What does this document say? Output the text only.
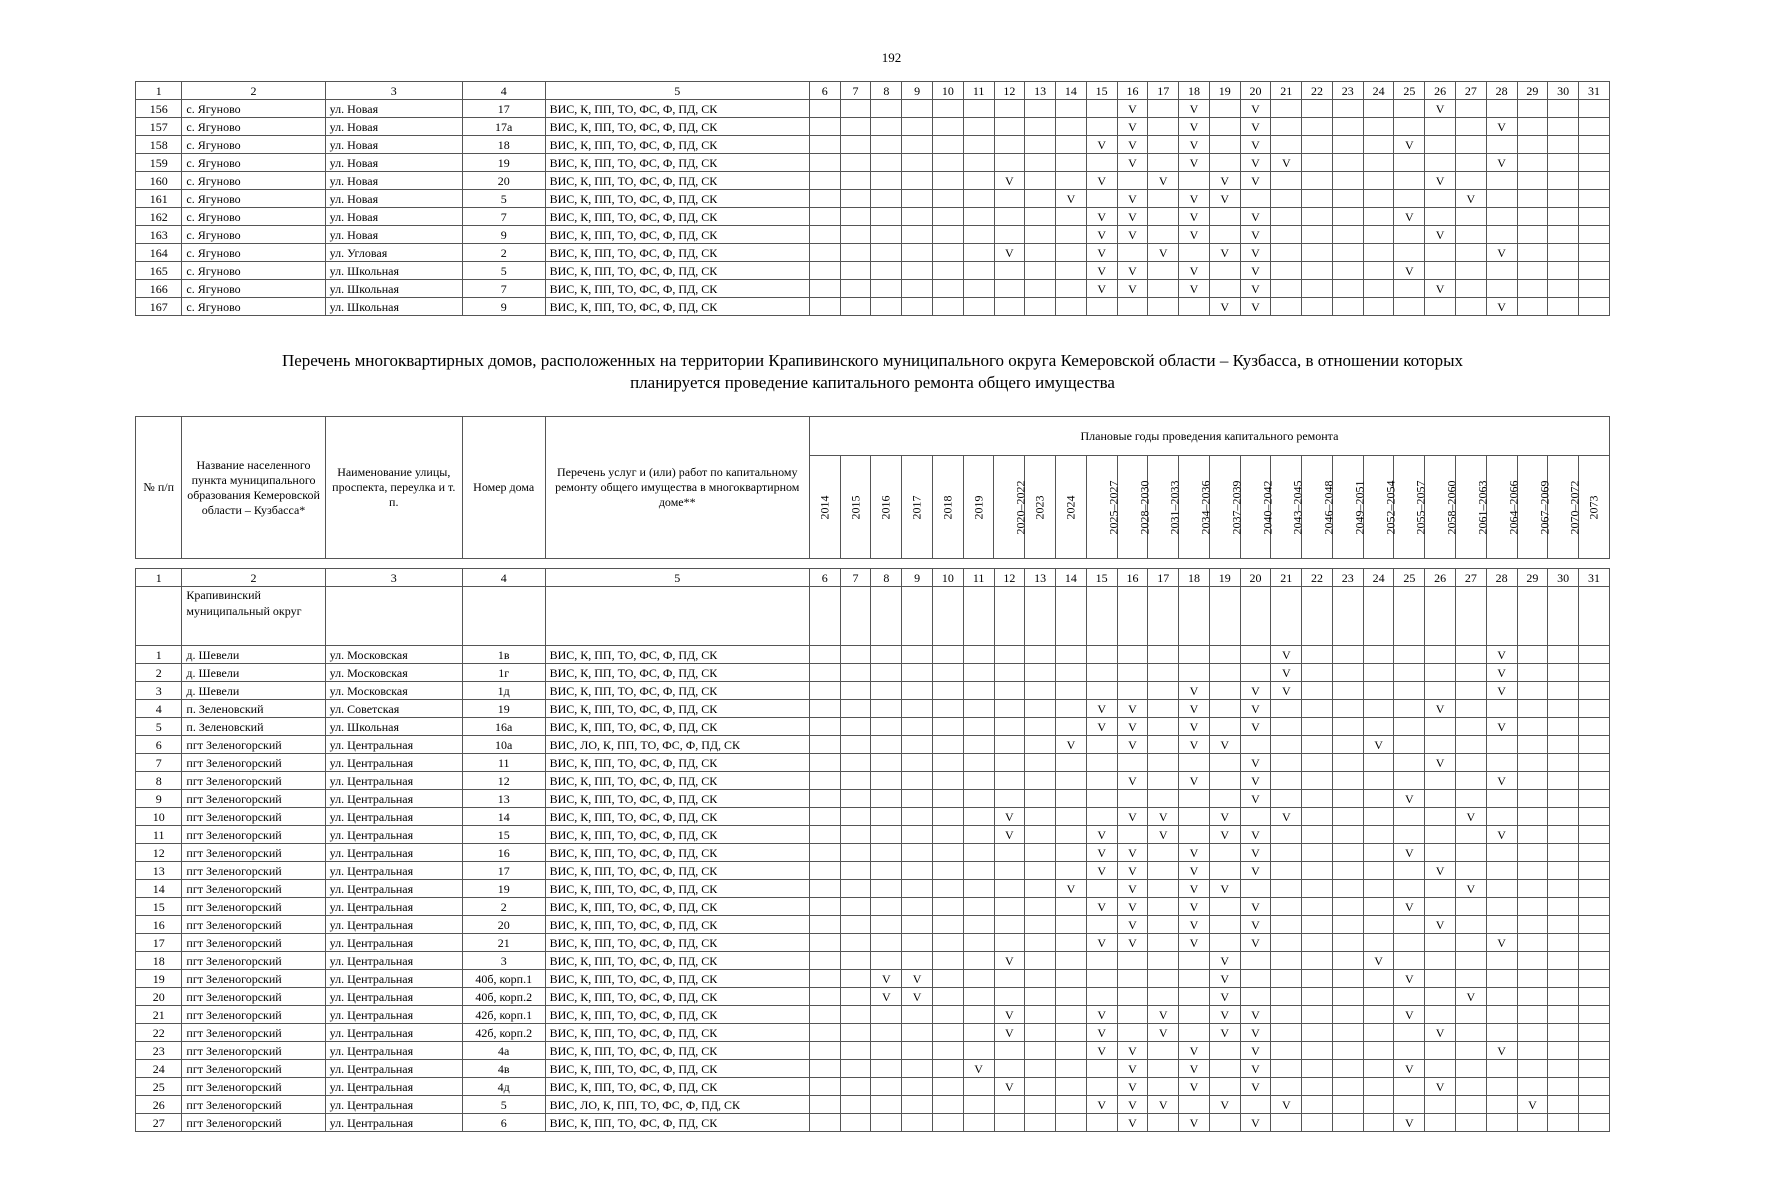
192
1	2	3	4	5	6	7	8	9	10	11	12	13	14	15	16	17	18	19	20	21	22	23	24	25	26	27	28	29	30	31
156	с. Ягуново	ул. Новая	17	ВИС, К, ПП, ТО, ФС, Ф, ПД, СК											V		V		V						V					
157	с. Ягуново	ул. Новая	17а	ВИС, К, ПП, ТО, ФС, Ф, ПД, СК											V		V		V								V			
158	с. Ягуново	ул. Новая	18	ВИС, К, ПП, ТО, ФС, Ф, ПД, СК										V	V		V		V					V						
159	с. Ягуново	ул. Новая	19	ВИС, К, ПП, ТО, ФС, Ф, ПД, СК											V		V		V	V							V			
160	с. Ягуново	ул. Новая	20	ВИС, К, ПП, ТО, ФС, Ф, ПД, СК							V			V		V		V	V						V					
161	с. Ягуново	ул. Новая	5	ВИС, К, ПП, ТО, ФС, Ф, ПД, СК									V		V		V	V								V				
162	с. Ягуново	ул. Новая	7	ВИС, К, ПП, ТО, ФС, Ф, ПД, СК										V	V		V		V					V						
163	с. Ягуново	ул. Новая	9	ВИС, К, ПП, ТО, ФС, Ф, ПД, СК										V	V		V		V						V					
164	с. Ягуново	ул. Угловая	2	ВИС, К, ПП, ТО, ФС, Ф, ПД, СК							V			V		V		V	V								V			
165	с. Ягуново	ул. Школьная	5	ВИС, К, ПП, ТО, ФС, Ф, ПД, СК										V	V		V		V					V						
166	с. Ягуново	ул. Школьная	7	ВИС, К, ПП, ТО, ФС, Ф, ПД, СК										V	V		V		V						V					
167	с. Ягуново	ул. Школьная	9	ВИС, К, ПП, ТО, ФС, Ф, ПД, СК														V	V								V			
Перечень многоквартирных домов, расположенных на территории Крапивинского муниципального округа Кемеровской области – Кузбасса, в отношении которых
планируется проведение капитального ремонта общего имущества
№ п/п	Название населенного пункта муниципального образования Кемеровской области – Кузбасса*	Наименование улицы, проспекта, переулка и т. п.	Номер дома	Перечень услуг и (или) работ по капитальному ремонту общего имущества в многоквартирном доме**	Плановые годы проведения капитального ремонта																									
					2014	2015	2016	2017	2018	2019	2020–2022	2023	2024	2025–2027	2028–2030	2031–2033	2034–2036	2037–2039	2040–2042	2043–2045	2046–2048	2049–2051	2052–2054	2055–2057	2058–2060	2061–2063	2064–2066	2067–2069	2070–2072	2073
1	2	3	4	5	6	7	8	9	10	11	12	13	14	15	16	17	18	19	20	21	22	23	24	25	26	27	28	29	30	31
	Крапивинский муниципальный округ																													
1	д. Шевели	ул. Московская	1в	ВИС, К, ПП, ТО, ФС, Ф, ПД, СК																V							V			
2	д. Шевели	ул. Московская	1г	ВИС, К, ПП, ТО, ФС, Ф, ПД, СК																V							V			
3	д. Шевели	ул. Московская	1д	ВИС, К, ПП, ТО, ФС, Ф, ПД, СК													V		V	V							V			
4	п. Зеленовский	ул. Советская	19	ВИС, К, ПП, ТО, ФС, Ф, ПД, СК										V	V		V		V						V					
5	п. Зеленовский	ул. Школьная	16а	ВИС, К, ПП, ТО, ФС, Ф, ПД, СК										V	V		V		V								V			
6	пгт Зеленогорский	ул. Центральная	10а	ВИС, ЛО, К, ПП, ТО, ФС, Ф, ПД, СК									V		V		V	V					V							
7	пгт Зеленогорский	ул. Центральная	11	ВИС, К, ПП, ТО, ФС, Ф, ПД, СК															V						V					
8	пгт Зеленогорский	ул. Центральная	12	ВИС, К, ПП, ТО, ФС, Ф, ПД, СК											V		V		V								V			
9	пгт Зеленогорский	ул. Центральная	13	ВИС, К, ПП, ТО, ФС, Ф, ПД, СК															V					V						
10	пгт Зеленогорский	ул. Центральная	14	ВИС, К, ПП, ТО, ФС, Ф, ПД, СК							V				V	V		V		V						V				
11	пгт Зеленогорский	ул. Центральная	15	ВИС, К, ПП, ТО, ФС, Ф, ПД, СК							V			V		V		V	V								V			
12	пгт Зеленогорский	ул. Центральная	16	ВИС, К, ПП, ТО, ФС, Ф, ПД, СК										V	V		V		V					V						
13	пгт Зеленогорский	ул. Центральная	17	ВИС, К, ПП, ТО, ФС, Ф, ПД, СК										V	V		V		V						V					
14	пгт Зеленогорский	ул. Центральная	19	ВИС, К, ПП, ТО, ФС, Ф, ПД, СК									V		V		V	V								V				
15	пгт Зеленогорский	ул. Центральная	2	ВИС, К, ПП, ТО, ФС, Ф, ПД, СК										V	V		V		V					V						
16	пгт Зеленогорский	ул. Центральная	20	ВИС, К, ПП, ТО, ФС, Ф, ПД, СК											V		V		V						V					
17	пгт Зеленогорский	ул. Центральная	21	ВИС, К, ПП, ТО, ФС, Ф, ПД, СК										V	V		V		V								V			
18	пгт Зеленогорский	ул. Центральная	3	ВИС, К, ПП, ТО, ФС, Ф, ПД, СК							V							V					V							
19	пгт Зеленогорский	ул. Центральная	40б, корп.1	ВИС, К, ПП, ТО, ФС, Ф, ПД, СК			V	V										V						V						
20	пгт Зеленогорский	ул. Центральная	40б, корп.2	ВИС, К, ПП, ТО, ФС, Ф, ПД, СК			V	V										V								V				
21	пгт Зеленогорский	ул. Центральная	42б, корп.1	ВИС, К, ПП, ТО, ФС, Ф, ПД, СК							V			V		V		V	V					V						
22	пгт Зеленогорский	ул. Центральная	42б, корп.2	ВИС, К, ПП, ТО, ФС, Ф, ПД, СК							V			V		V		V	V						V					
23	пгт Зеленогорский	ул. Центральная	4а	ВИС, К, ПП, ТО, ФС, Ф, ПД, СК										V	V		V		V								V			
24	пгт Зеленогорский	ул. Центральная	4в	ВИС, К, ПП, ТО, ФС, Ф, ПД, СК						V					V		V		V					V						
25	пгт Зеленогорский	ул. Центральная	4д	ВИС, К, ПП, ТО, ФС, Ф, ПД, СК							V				V		V		V						V					
26	пгт Зеленогорский	ул. Центральная	5	ВИС, ЛО, К, ПП, ТО, ФС, Ф, ПД, СК										V	V	V		V		V								V		
27	пгт Зеленогорский	ул. Центральная	6	ВИС, К, ПП, ТО, ФС, Ф, ПД, СК											V		V		V					V						
